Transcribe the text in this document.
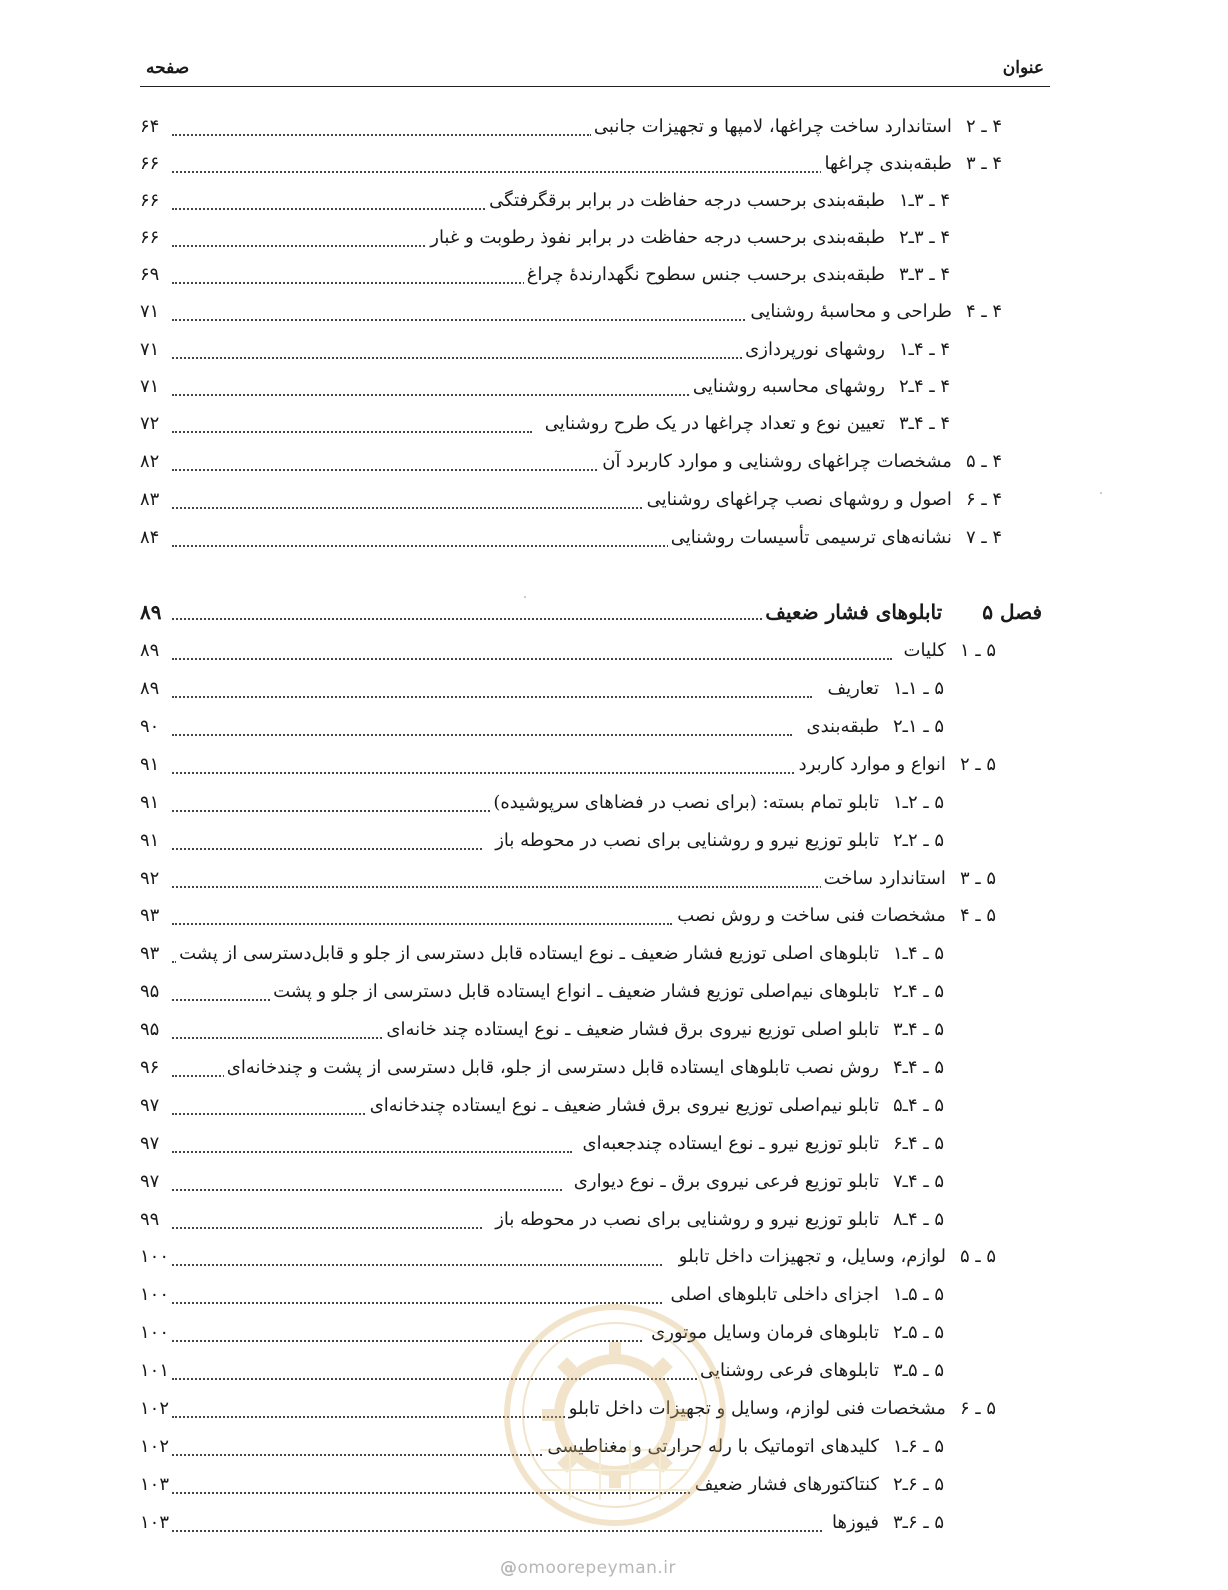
عنوان
صفحه
۶۴	۴ ـ ۲استاندارد ساخت چراغها، لامپها و تجهیزات جانبی
۶۶	۴ ـ ۳طبقه‌بندی چراغها
۶۶	۴ ـ ۳ـ۱طبقه‌بندی برحسب درجه حفاظت در برابر برقگرفتگی
۶۶	۴ ـ ۳ـ۲طبقه‌بندی برحسب درجه حفاظت در برابر نفوذ رطوبت و غبار
۶۹	۴ ـ ۳ـ۳طبقه‌بندی برحسب جنس سطوح نگهدارندهٔ چراغ
۷۱	۴ ـ ۴طراحی و محاسبهٔ روشنایی
۷۱	۴ ـ ۴ـ۱روشهای نورپردازی
۷۱	۴ ـ ۴ـ۲روشهای محاسبه روشنایی
۷۲	۴ ـ ۴ـ۳تعیین نوع و تعداد چراغها در یک طرح روشنایی
۸۲	۴ ـ ۵مشخصات چراغهای روشنایی و موارد کاربرد آن
۸۳	۴ ـ ۶اصول و روشهای نصب چراغهای روشنایی
۸۴	۴ ـ ۷نشانه‌های ترسیمی تأسیسات روشنایی
۸۹	فصل ۵تابلوهای فشار ضعیف
۸۹	۵ ـ ۱کلیات
۸۹	۵ ـ ۱ـ۱تعاریف
۹۰	۵ ـ ۱ـ۲طبقه‌بندی
۹۱	۵ ـ ۲انواع و موارد کاربرد
۹۱	۵ ـ ۲ـ۱تابلو تمام بسته: (برای نصب در فضاهای سرپوشیده)
۹۱	۵ ـ ۲ـ۲تابلو توزیع نیرو و روشنایی برای نصب در محوطه باز
۹۲	۵ ـ ۳استاندارد ساخت
۹۳	۵ ـ ۴مشخصات فنی ساخت و روش نصب
۹۳	۵ ـ ۴ـ۱تابلوهای اصلی توزیع فشار ضعیف ـ نوع ایستاده قابل دسترسی از جلو و قابل‌دسترسی از پشت
۹۵	۵ ـ ۴ـ۲تابلوهای نیم‌اصلی توزیع فشار ضعیف ـ انواع ایستاده قابل دسترسی از جلو و پشت
۹۵	۵ ـ ۴ـ۳تابلو اصلی توزیع نیروی برق فشار ضعیف ـ نوع ایستاده چند خانه‌ای
۹۶	۵ ـ ۴ـ۴روش نصب تابلوهای ایستاده قابل دسترسی از جلو، قابل دسترسی از پشت و چندخانه‌ای
۹۷	۵ ـ ۴ـ۵تابلو نیم‌اصلی توزیع نیروی برق فشار ضعیف ـ نوع ایستاده چندخانه‌ای
۹۷	۵ ـ ۴ـ۶تابلو توزیع نیرو ـ نوع ایستاده چندجعبه‌ای
۹۷	۵ ـ ۴ـ۷تابلو توزیع فرعی نیروی برق ـ نوع دیواری
۹۹	۵ ـ ۴ـ۸تابلو توزیع نیرو و روشنایی برای نصب در محوطه باز
۱۰۰	۵ ـ ۵لوازم، وسایل، و تجهیزات داخل تابلو
۱۰۰	۵ ـ ۵ـ۱اجزای داخلی تابلوهای اصلی
۱۰۰	۵ ـ ۵ـ۲تابلوهای فرمان وسایل موتوری
۱۰۱	۵ ـ ۵ـ۳تابلوهای فرعی روشنایی
۱۰۲	۵ ـ ۶مشخصات فنی لوازم، وسایل و تجهیزات داخل تابلو
۱۰۲	۵ ـ ۶ـ۱کلیدهای اتوماتیک با رله حرارتی و مغناطیسی
۱۰۳	۵ ـ ۶ـ۲کنتاکتورهای فشار ضعیف
۱۰۳	۵ ـ ۶ـ۳فیوزها
@omoorepeyman.ir
